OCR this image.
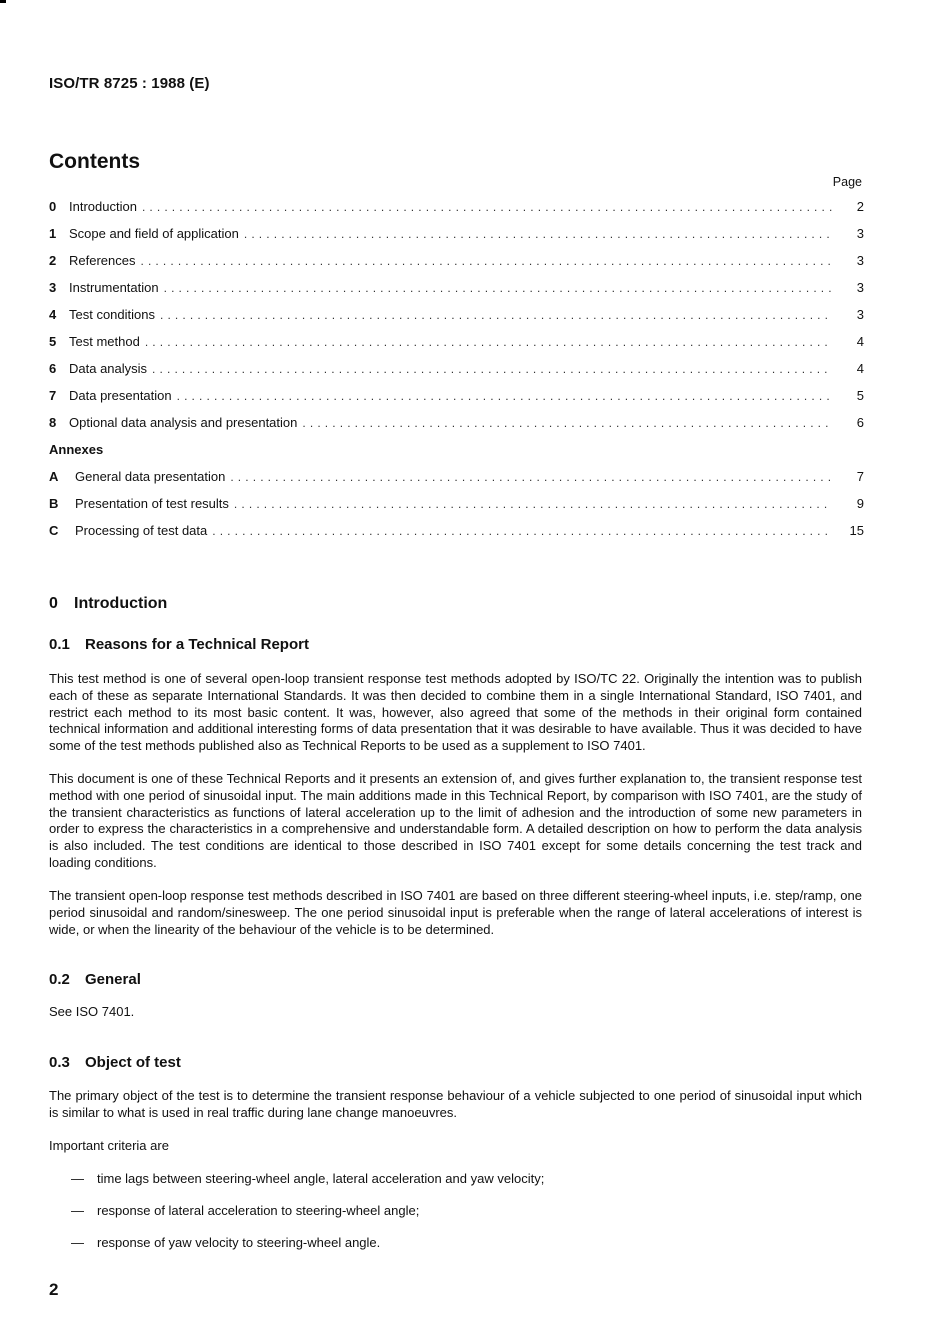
ISO/TR 8725 : 1988 (E)
Contents
Page
0 Introduction . . .	2
1 Scope and field of application . . .	3
2 References . . .	3
3 Instrumentation . . .	3
4 Test conditions . . .	3
5 Test method . . .	4
6 Data analysis . . .	4
7 Data presentation . . .	5
8 Optional data analysis and presentation . . .	6
Annexes
A	General data presentation . . .	7
B	Presentation of test results . . .	9
C	Processing of test data . . .	15
0 Introduction
0.1 Reasons for a Technical Report

This test method is one of several open-loop transient response test methods adopted by ISO/TC 22. Originally the intention was to publish each of these as separate International Standards. It was then decided to combine them in a single International Standard, ISO 7401, and restrict each method to its most basic content. It was, however, also agreed that some of the methods in their original form contained technical information and additional interesting forms of data presentation that it was desirable to have available. Thus it was decided to have some of the test methods published also as Technical Reports to be used as a supplement to ISO 7401.

This document is one of these Technical Reports and it presents an extension of, and gives further explanation to, the transient response test method with one period of sinusoidal input. The main additions made in this Technical Report, by comparison with ISO 7401, are the study of the transient characteristics as functions of lateral acceleration up to the limit of adhesion and the introduction of some new parameters in order to express the characteristics in a comprehensive and understandable form. A detailed description on how to perform the data analysis is also included. The test conditions are identical to those described in ISO 7401 except for some details concerning the test track and loading conditions.

The transient open-loop response test methods described in ISO 7401 are based on three different steering-wheel inputs, i.e. step/ramp, one period sinusoidal and random/sinesweep. The one period sinusoidal input is preferable when the range of lateral accelerations of interest is wide, or when the linearity of the behaviour of the vehicle is to be determined.

0.2 General

See ISO 7401.

0.3 Object of test

The primary object of the test is to determine the transient response behaviour of a vehicle subjected to one period of sinusoidal input which is similar to what is used in real traffic during lane change manoeuvres.

Important criteria are

— time lags between steering-wheel angle, lateral acceleration and yaw velocity;
— response of lateral acceleration to steering-wheel angle;
— response of yaw velocity to steering-wheel angle.
2
